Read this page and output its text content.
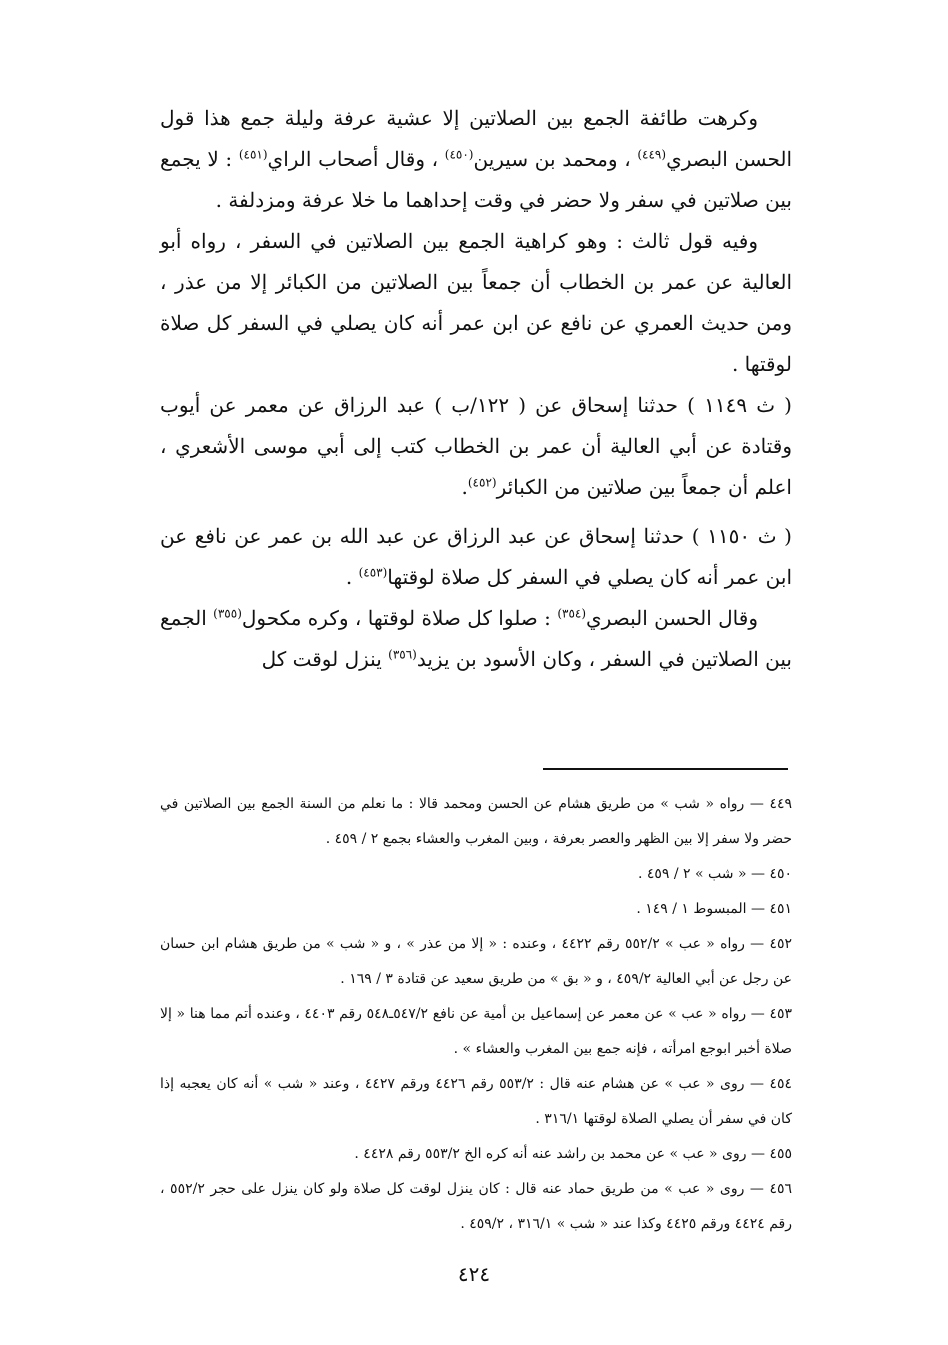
وكرهت طائفة الجمع بين الصلاتين إلا عشية عرفة وليلة جمع هذا قول الحسن البصري$^{(٤٤٩)}$ ، ومحمد بن سيرين$^{(٤٥٠)}$ ، وقال أصحاب الراي$^{(٤٥١)}$ : لا يجمع بين صلاتين في سفر ولا حضر في وقت إحداهما ما خلا عرفة ومزدلفة .

وفيه قول ثالث : وهو كراهية الجمع بين الصلاتين في السفر ، رواه أبو العالية عن عمر بن الخطاب أن جمعاً بين الصلاتين من الكبائر إلا من عذر ، ومن حديث العمري عن نافع عن ابن عمر أنه كان يصلي في السفر كل صلاة لوقتها .

( ث ١١٤٩ ) حدثنا إسحاق عن ( ١٢٢/ب ) عبد الرزاق عن معمر عن أيوب وقتادة عن أبي العالية أن عمر بن الخطاب كتب إلى أبي موسى الأشعري ، اعلم أن جمعاً بين صلاتين من الكبائر$^{(٤٥٢)}$.

( ث ١١٥٠ ) حدثنا إسحاق عن عبد الرزاق عن عبد الله بن عمر عن نافع عن ابن عمر أنه كان يصلي في السفر كل صلاة لوقتها$^{(٤٥٣)}$ .

وقال الحسن البصري$^{(٣٥٤)}$ : صلوا كل صلاة لوقتها ، وكره مكحول$^{(٣٥٥)}$ الجمع بين الصلاتين في السفر ، وكان الأسود بن يزيد$^{(٣٥٦)}$ ينزل لوقت كل

٤٤٩ — رواه « شب » من طريق هشام عن الحسن ومحمد قالا : ما نعلم من السنة الجمع بين الصلاتين في حضر ولا سفر إلا بين الظهر والعصر بعرفة ، وبين المغرب والعشاء بجمع ٢ / ٤٥٩ .

٤٥٠ — « شب » ٢ / ٤٥٩ .

٤٥١ — المبسوط ١ / ١٤٩ .

٤٥٢ — رواه « عب » ٥٥٢/٢ رقم ٤٤٢٢ ، وعنده : « إلا من عذر » ، و « شب » من طريق هشام ابن حسان عن رجل عن أبي العالية ٤٥٩/٢ ، و « بق » من طريق سعيد عن قتادة ٣ / ١٦٩ .

٤٥٣ — رواه « عب » عن معمر عن إسماعيل بن أمية عن نافع ٥٤٧/٢ـ٥٤٨ رقم ٤٤٠٣ ، وعنده أتم مما هنا « إلا صلاة أخبر ابوجع امرأته ، فإنه جمع بين المغرب والعشاء » .

٤٥٤ — روى « عب » عن هشام عنه قال : ٥٥٣/٢ رقم ٤٤٢٦ ورقم ٤٤٢٧ ، وعند « شب » أنه كان يعجبه إذا كان في سفر أن يصلي الصلاة لوقتها ٣١٦/١ .

٤٥٥ — روى « عب » عن محمد بن راشد عنه أنه كره الخ ٥٥٣/٢ رقم ٤٤٢٨ .

٤٥٦ — روى « عب » من طريق حماد عنه قال : كان ينزل لوقت كل صلاة ولو كان ينزل على حجر ٥٥٢/٢ ، رقم ٤٤٢٤ ورقم ٤٤٢٥ وكذا عند « شب » ٣١٦/١ ، ٤٥٩/٢ .

٤٢٤
